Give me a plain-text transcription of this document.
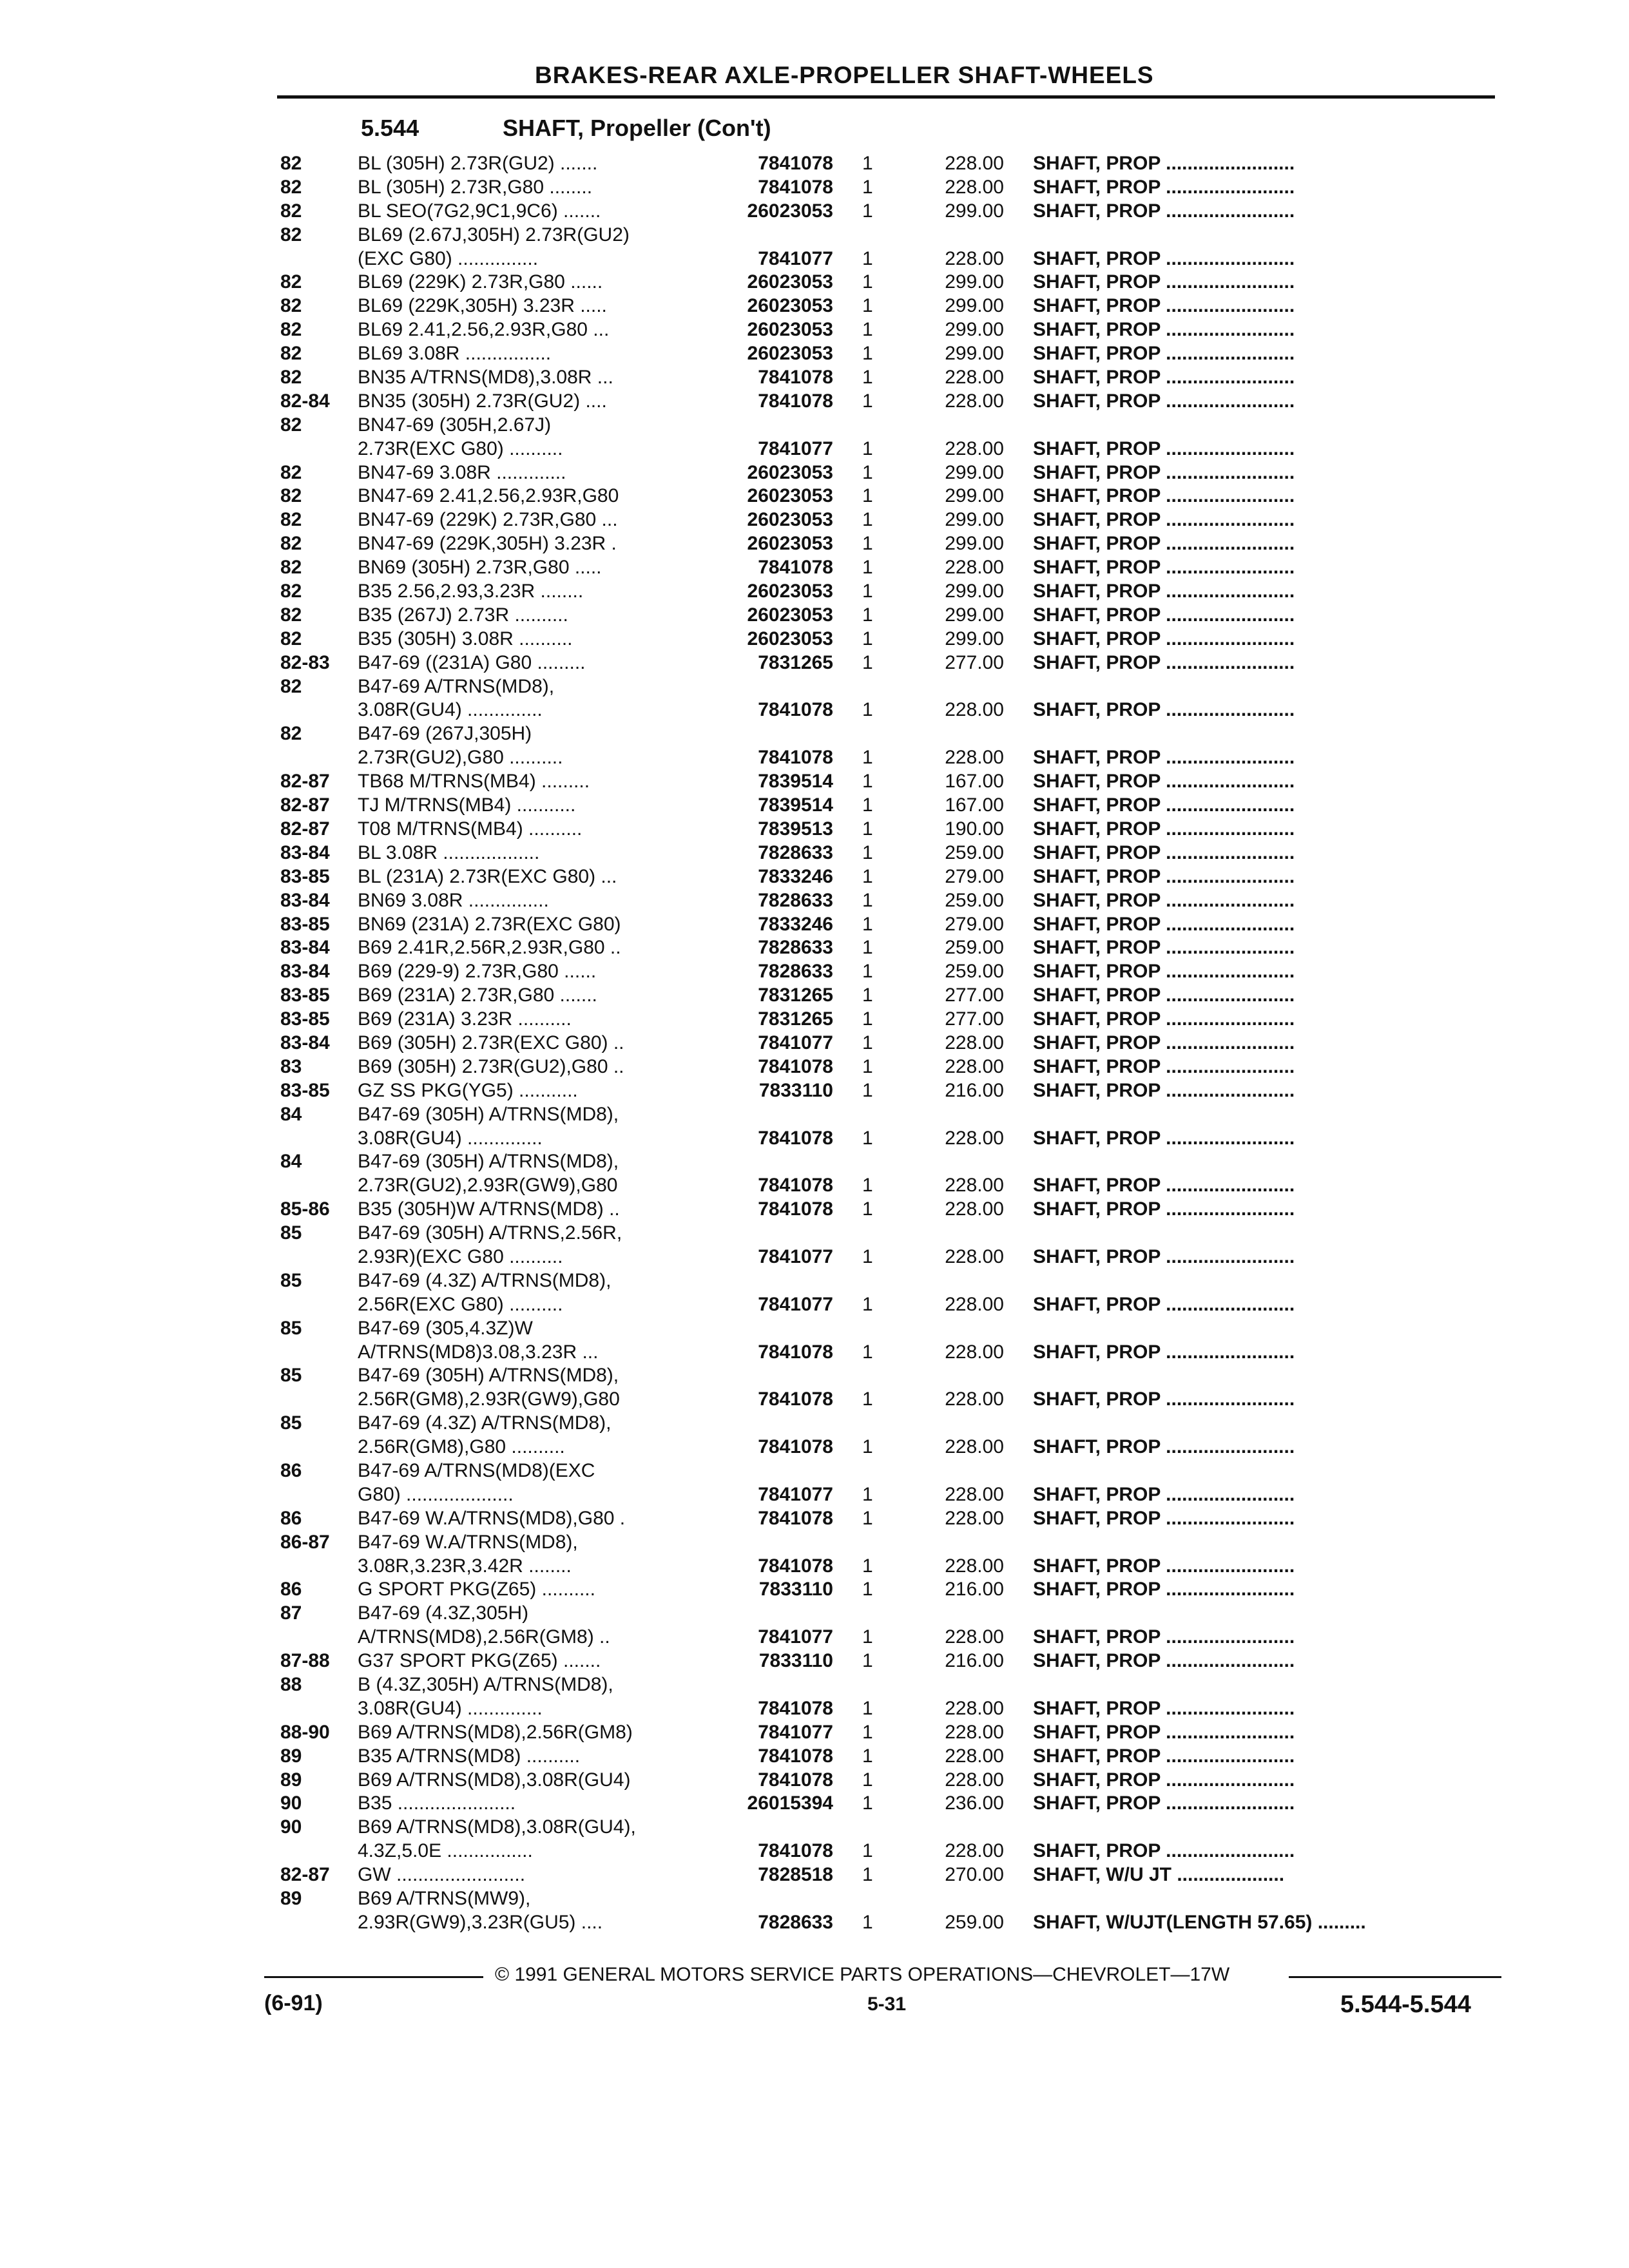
BRAKES-REAR AXLE-PROPELLER SHAFT-WHEELS
5.544	SHAFT, Propeller (Con't)
82	BL (305H) 2.73R(GU2) .......	7841078 1	228.00 SHAFT, PROP ........................
82	BL (305H) 2.73R,G80 ........	7841078 1	228.00 SHAFT, PROP ........................
82	BL SEO(7G2,9C1,9C6) .......	26023053 1	299.00 SHAFT, PROP ........................
82	BL69 (2.67J,305H) 2.73R(GU2)
(EXC G80) ...............	7841077 1	228.00 SHAFT, PROP ........................
82	BL69 (229K) 2.73R,G80 ......	26023053 1	299.00 SHAFT, PROP ........................
82	BL69 (229K,305H) 3.23R .....	26023053 1	299.00 SHAFT, PROP ........................
82	BL69 2.41,2.56,2.93R,G80 ...	26023053 1	299.00 SHAFT, PROP ........................
82	BL69 3.08R ................	26023053 1	299.00 SHAFT, PROP ........................
82	BN35 A/TRNS(MD8),3.08R ...	7841078 1	228.00 SHAFT, PROP ........................
82-84 BN35 (305H) 2.73R(GU2) ....	7841078 1	228.00 SHAFT, PROP ........................
82	BN47-69 (305H,2.67J)
2.73R(EXC G80) ..........	7841077 1	228.00 SHAFT, PROP ........................
82	BN47-69 3.08R .............	26023053 1	299.00 SHAFT, PROP ........................
82	BN47-69 2.41,2.56,2.93R,G80	26023053 1	299.00 SHAFT, PROP ........................
82	BN47-69 (229K) 2.73R,G80 ...	26023053 1	299.00 SHAFT, PROP ........................
82	BN47-69 (229K,305H) 3.23R .	26023053 1	299.00 SHAFT, PROP ........................
82	BN69 (305H) 2.73R,G80 .....	7841078 1	228.00 SHAFT, PROP ........................
82	B35 2.56,2.93,3.23R ........	26023053 1	299.00 SHAFT, PROP ........................
82	B35 (267J) 2.73R ..........	26023053 1	299.00 SHAFT, PROP ........................
82	B35 (305H) 3.08R ..........	26023053 1	299.00 SHAFT, PROP ........................
82-83 B47-69 ((231A) G80 .........	7831265 1	277.00 SHAFT, PROP ........................
82	B47-69 A/TRNS(MD8),
3.08R(GU4) ..............	7841078 1	228.00 SHAFT, PROP ........................
82	B47-69 (267J,305H)
2.73R(GU2),G80 ..........	7841078 1	228.00 SHAFT, PROP ........................
82-87 TB68 M/TRNS(MB4) .........	7839514 1	167.00 SHAFT, PROP ........................
82-87 TJ M/TRNS(MB4) ...........	7839514 1	167.00 SHAFT, PROP ........................
82-87 T08 M/TRNS(MB4) ..........	7839513 1	190.00 SHAFT, PROP ........................
83-84 BL 3.08R ..................	7828633 1	259.00 SHAFT, PROP ........................
83-85 BL (231A) 2.73R(EXC G80) ...	7833246 1	279.00 SHAFT, PROP ........................
83-84 BN69 3.08R ...............	7828633 1	259.00 SHAFT, PROP ........................
83-85 BN69 (231A) 2.73R(EXC G80)	7833246 1	279.00 SHAFT, PROP ........................
83-84 B69 2.41R,2.56R,2.93R,G80 ..	7828633 1	259.00 SHAFT, PROP ........................
83-84 B69 (229-9) 2.73R,G80 ......	7828633 1	259.00 SHAFT, PROP ........................
83-85 B69 (231A) 2.73R,G80 .......	7831265 1	277.00 SHAFT, PROP ........................
83-85 B69 (231A) 3.23R ..........	7831265 1	277.00 SHAFT, PROP ........................
83-84 B69 (305H) 2.73R(EXC G80) ..	7841077 1	228.00 SHAFT, PROP ........................
83	B69 (305H) 2.73R(GU2),G80 ..	7841078 1	228.00 SHAFT, PROP ........................
83-85 GZ SS PKG(YG5) ...........	7833110 1	216.00 SHAFT, PROP ........................
84	B47-69 (305H) A/TRNS(MD8),
3.08R(GU4) ..............	7841078 1	228.00 SHAFT, PROP ........................
84	B47-69 (305H) A/TRNS(MD8),
2.73R(GU2),2.93R(GW9),G80	7841078 1	228.00 SHAFT, PROP ........................
85-86 B35 (305H)W A/TRNS(MD8) ..	7841078 1	228.00 SHAFT, PROP ........................
85	B47-69 (305H) A/TRNS,2.56R,
2.93R)(EXC G80 ..........	7841077 1	228.00 SHAFT, PROP ........................
85	B47-69 (4.3Z) A/TRNS(MD8),
2.56R(EXC G80) ..........	7841077 1	228.00 SHAFT, PROP ........................
85	B47-69 (305,4.3Z)W
A/TRNS(MD8)3.08,3.23R ...	7841078 1	228.00 SHAFT, PROP ........................
85	B47-69 (305H) A/TRNS(MD8),
2.56R(GM8),2.93R(GW9),G80	7841078 1	228.00 SHAFT, PROP ........................
85	B47-69 (4.3Z) A/TRNS(MD8),
2.56R(GM8),G80 ..........	7841078 1	228.00 SHAFT, PROP ........................
86	B47-69 A/TRNS(MD8)(EXC
G80) ....................	7841077 1	228.00 SHAFT, PROP ........................
86	B47-69 W.A/TRNS(MD8),G80 .	7841078 1	228.00 SHAFT, PROP ........................
86-87 B47-69 W.A/TRNS(MD8),
3.08R,3.23R,3.42R ........	7841078 1	228.00 SHAFT, PROP ........................
86	G SPORT PKG(Z65) ..........	7833110 1	216.00 SHAFT, PROP ........................
87	B47-69 (4.3Z,305H)
A/TRNS(MD8),2.56R(GM8) ..	7841077 1	228.00 SHAFT, PROP ........................
87-88 G37 SPORT PKG(Z65) .......	7833110 1	216.00 SHAFT, PROP ........................
88	B (4.3Z,305H) A/TRNS(MD8),
3.08R(GU4) ..............	7841078 1	228.00 SHAFT, PROP ........................
88-90 B69 A/TRNS(MD8),2.56R(GM8)	7841077 1	228.00 SHAFT, PROP ........................
89	B35 A/TRNS(MD8) ..........	7841078 1	228.00 SHAFT, PROP ........................
89	B69 A/TRNS(MD8),3.08R(GU4)	7841078 1	228.00 SHAFT, PROP ........................
90	B35 ......................	26015394 1	236.00 SHAFT, PROP ........................
90	B69 A/TRNS(MD8),3.08R(GU4),
4.3Z,5.0E ................	7841078 1	228.00 SHAFT, PROP ........................
82-87 GW ........................	7828518 1	270.00 SHAFT, W/U JT ....................
89	B69 A/TRNS(MW9),
2.93R(GW9),3.23R(GU5) ....	7828633 1	259.00 SHAFT, W/UJT(LENGTH 57.65) .........
© 1991 GENERAL MOTORS SERVICE PARTS OPERATIONS—CHEVROLET—17W
(6-91)	5-31	5.544-5.544
